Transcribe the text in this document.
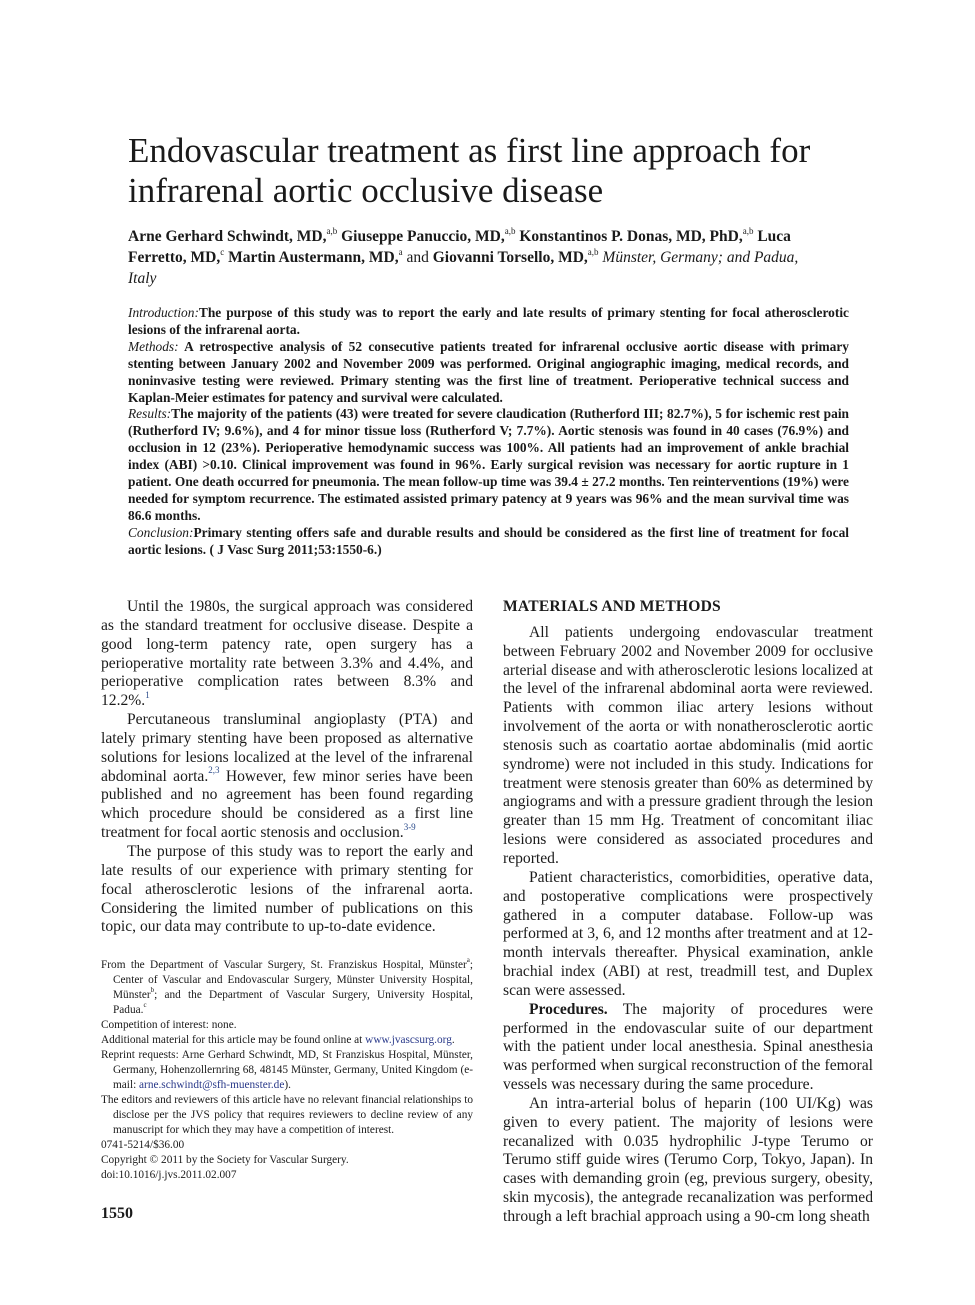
Endovascular treatment as first line approach for infrarenal aortic occlusive disease
Arne Gerhard Schwindt, MD,$^{a,b}$ Giuseppe Panuccio, MD,$^{a,b}$ Konstantinos P. Donas, MD, PhD,$^{a,b}$ Luca Ferretto, MD,$^c$ Martin Austermann, MD,$^a$ and Giovanni Torsello, MD,$^{a,b}$ Münster, Germany; and Padua, Italy

Introduction:The purpose of this study was to report the early and late results of primary stenting for focal atherosclerotic lesions of the infrarenal aorta.

Methods: A retrospective analysis of 52 consecutive patients treated for infrarenal occlusive aortic disease with primary stenting between January 2002 and November 2009 was performed. Original angiographic imaging, medical records, and noninvasive testing were reviewed. Primary stenting was the first line of treatment. Perioperative technical success and Kaplan-Meier estimates for patency and survival were calculated.

Results:The majority of the patients (43) were treated for severe claudication (Rutherford III; 82.7%), 5 for ischemic rest pain (Rutherford IV; 9.6%), and 4 for minor tissue loss (Rutherford V; 7.7%). Aortic stenosis was found in 40 cases (76.9%) and occlusion in 12 (23%). Perioperative hemodynamic success was 100%. All patients had an improvement of ankle brachial index (ABI) >0.10. Clinical improvement was found in 96%. Early surgical revision was necessary for aortic rupture in 1 patient. One death occurred for pneumonia. The mean follow-up time was 39.4 ± 27.2 months. Ten reinterventions (19%) were needed for symptom recurrence. The estimated assisted primary patency at 9 years was 96% and the mean survival time was 86.6 months.

Conclusion:Primary stenting offers safe and durable results and should be considered as the first line of treatment for focal aortic lesions. ( J Vasc Surg 2011;53:1550-6.)

Until the 1980s, the surgical approach was considered as the standard treatment for occlusive disease. Despite a good long-term patency rate, open surgery has a perioperative mortality rate between 3.3% and 4.4%, and perioperative complication rates between 8.3% and 12.2%.$^1$

Percutaneous transluminal angioplasty (PTA) and lately primary stenting have been proposed as alternative solutions for lesions localized at the level of the infrarenal abdominal aorta.$^{2,3}$ However, few minor series have been published and no agreement has been found regarding which procedure should be considered as a first line treatment for focal aortic stenosis and occlusion.$^{3-9}$

The purpose of this study was to report the early and late results of our experience with primary stenting for focal atherosclerotic lesions of the infrarenal aorta. Considering the limited number of publications on this topic, our data may contribute to up-to-date evidence.

From the Department of Vascular Surgery, St. Franziskus Hospital, Münster$^a$; Center of Vascular and Endovascular Surgery, Münster University Hospital, Münster$^b$; and the Department of Vascular Surgery, University Hospital, Padua.$^c$

Competition of interest: none.

Additional material for this article may be found online at www.jvascsurg.org.

Reprint requests: Arne Gerhard Schwindt, MD, St Franziskus Hospital, Münster, Germany, Hohenzollernring 68, 48145 Münster, Germany, United Kingdom (e-mail: arne.schwindt@sfh-muenster.de).

The editors and reviewers of this article have no relevant financial relationships to disclose per the JVS policy that requires reviewers to decline review of any manuscript for which they may have a competition of interest.

0741-5214/$36.00

Copyright © 2011 by the Society for Vascular Surgery.

doi:10.1016/j.jvs.2011.02.007

MATERIALS AND METHODS

All patients undergoing endovascular treatment between February 2002 and November 2009 for occlusive arterial disease and with atherosclerotic lesions localized at the level of the infrarenal abdominal aorta were reviewed. Patients with common iliac artery lesions without involvement of the aorta or with nonatherosclerotic aortic stenosis such as coartatio aortae abdominalis (mid aortic syndrome) were not included in this study. Indications for treatment were stenosis greater than 60% as determined by angiograms and with a pressure gradient through the lesion greater than 15 mm Hg. Treatment of concomitant iliac lesions were considered as associated procedures and reported.

Patient characteristics, comorbidities, operative data, and postoperative complications were prospectively gathered in a computer database. Follow-up was performed at 3, 6, and 12 months after treatment and at 12-month intervals thereafter. Physical examination, ankle brachial index (ABI) at rest, treadmill test, and Duplex scan were assessed.

Procedures. The majority of procedures were performed in the endovascular suite of our department with the patient under local anesthesia. Spinal anesthesia was performed when surgical reconstruction of the femoral vessels was necessary during the same procedure.

An intra-arterial bolus of heparin (100 UI/Kg) was given to every patient. The majority of lesions were recanalized with 0.035 hydrophilic J-type Terumo or Terumo stiff guide wires (Terumo Corp, Tokyo, Japan). In cases with demanding groin (eg, previous surgery, obesity, skin mycosis), the antegrade recanalization was performed through a left brachial approach using a 90-cm long sheath

1550
